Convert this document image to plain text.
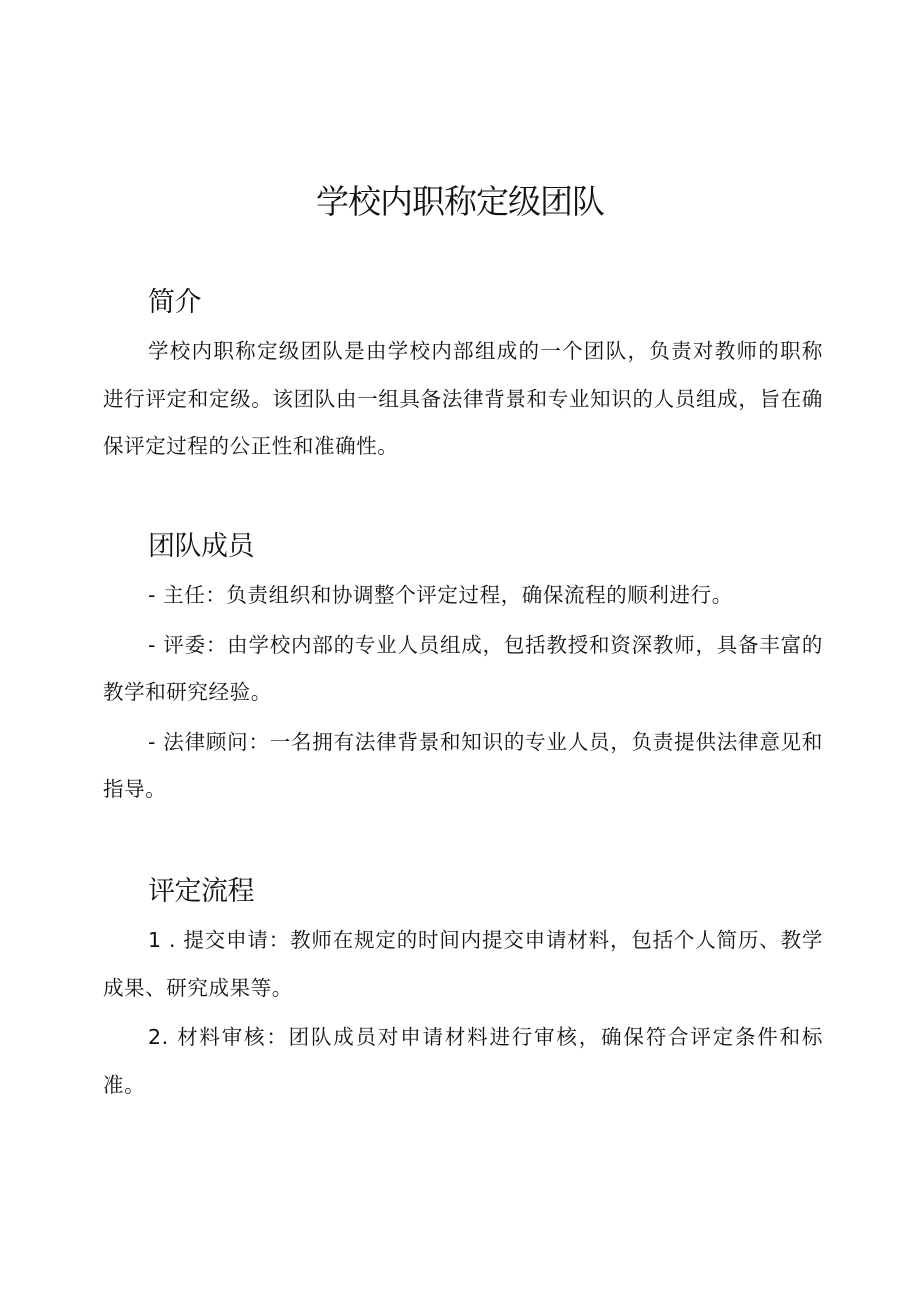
学校内职称定级团队
简介

学校内职称定级团队是由学校内部组成的一个团队，负责对教师的职称进行评定和定级。该团队由一组具备法律背景和专业知识的人员组成，旨在确保评定过程的公正性和准确性。

团队成员

- 主任：负责组织和协调整个评定过程，确保流程的顺利进行。

- 评委：由学校内部的专业人员组成，包括教授和资深教师，具备丰富的教学和研究经验。

- 法律顾问：一名拥有法律背景和知识的专业人员，负责提供法律意见和指导。

评定流程

1 . 提交申请：教师在规定的时间内提交申请材料，包括个人简历、教学成果、研究成果等。

2. 材料审核：团队成员对申请材料进行审核，确保符合评定条件和标准。
